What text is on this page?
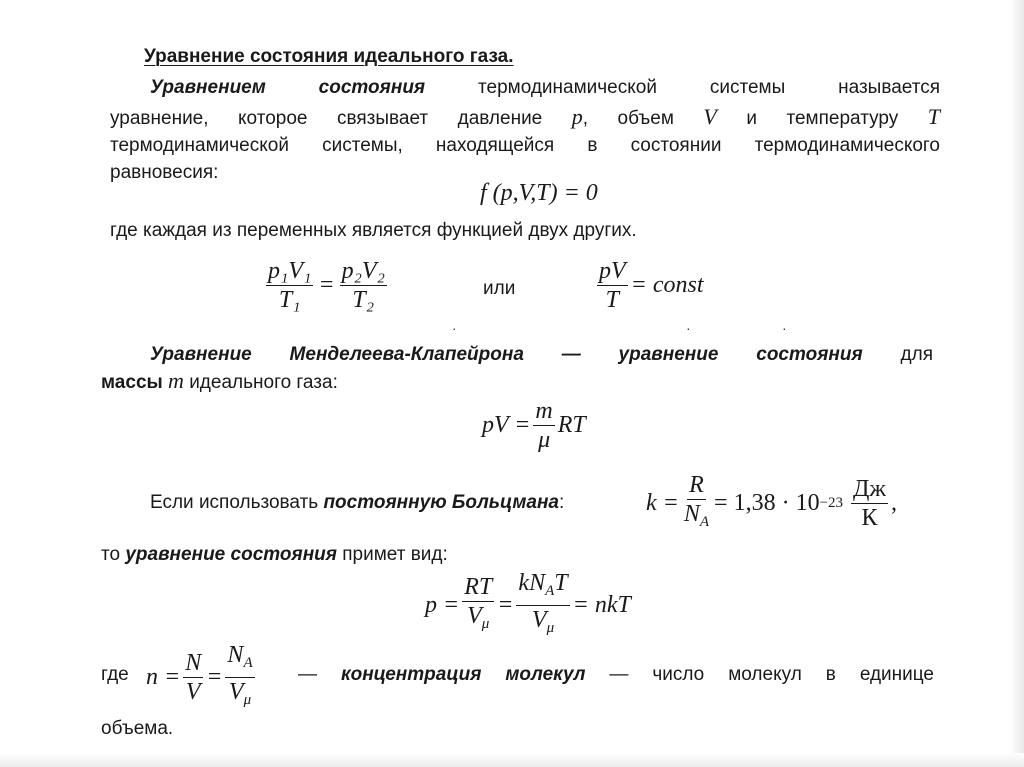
Уравнение состояния идеального газа.
Уравнением состояния	термодинамической системы называется
уравнение, которое связывает давление p, объем V и температуру T
термодинамической системы, находящейся в состоянии термодинамического
равновесия:
f (p,V,T) = 0
где каждая из переменных является функцией двух других.
$\frac{\text{p₁V₁}}{\text{T₁}} = \frac{\text{p₂V₂}}{\text{T₂}}$	или	$\frac{pV}{T}$ = const
·	·	·
Уравнение Менделеева-Клапейрона — уравнение состояния для
массы m идеального газа:
pV = $\frac{m}{\mu}$ RT
Если использовать постоянную Больцмана:	$k = \frac{R}{N_A} = 1,38 \cdot 10 -23 \frac{Дж}{К}$ ,
то уравнение состояния примет вид:
$p = \frac{RT}{V_\mu} = \frac{kN_AT}{V_\mu}$ = nkT
где $n = \frac{N}{V} = \frac{N_A}{V_\mu}$ — концентрация молекул — число молекул в единице
объема.
